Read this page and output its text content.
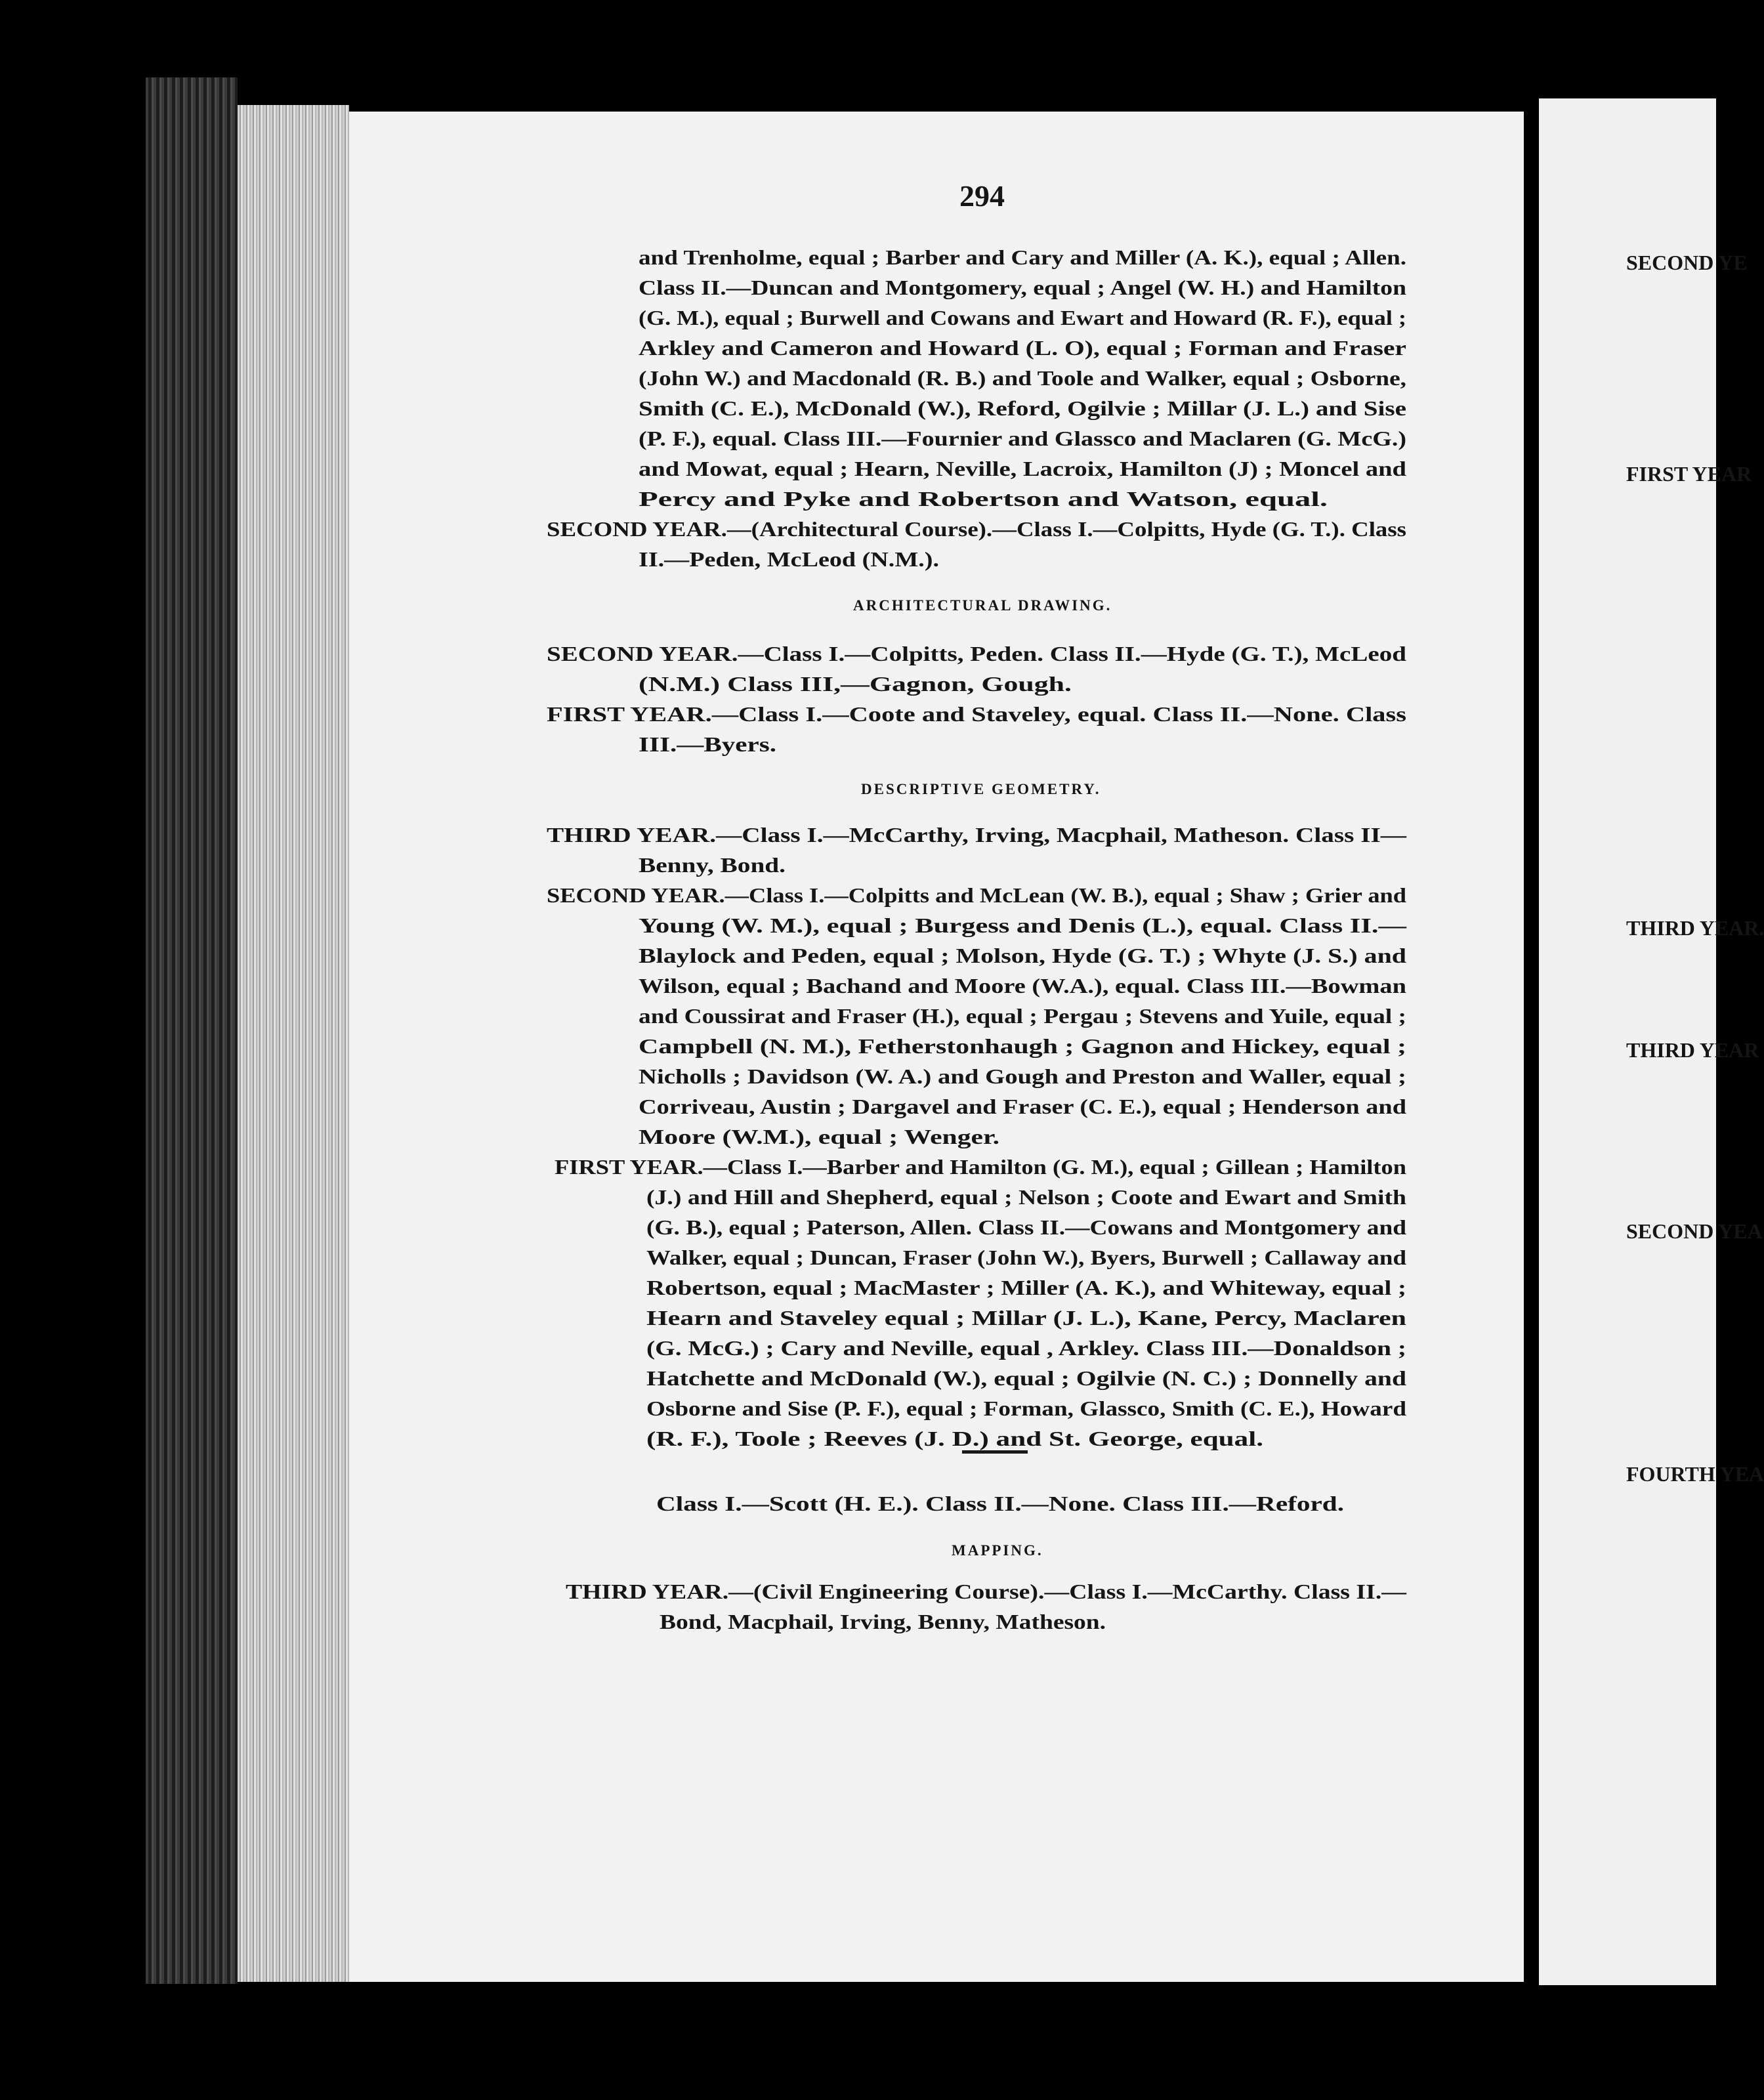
294
and Trenholme, equal ; Barber and Cary and Miller (A. K.), equal ; Allen.
Class II.—Duncan and Montgomery, equal ; Angel (W. H.) and Hamilton
(G. M.), equal ; Burwell and Cowans and Ewart and Howard (R. F.), equal ;
Arkley and Cameron and Howard (L. O), equal ; Forman and Fraser
(John W.) and Macdonald (R. B.) and Toole and Walker, equal ; Osborne,
Smith (C. E.), McDonald (W.), Reford, Ogilvie ; Millar (J. L.) and Sise
(P. F.), equal. Class III.—Fournier and Glassco and Maclaren (G. McG.)
and Mowat, equal ; Hearn, Neville, Lacroix, Hamilton (J) ; Moncel and
Percy and Pyke and Robertson and Watson, equal.
SECOND YEAR.—(Architectural Course).—Class I.—Colpitts, Hyde (G. T.). Class
II.—Peden, McLeod (N.M.).
SECOND YEAR.—Class I.—Colpitts, Peden. Class II.—Hyde (G. T.), McLeod
(N.M.) Class III,—Gagnon, Gough.
FIRST YEAR.—Class I.—Coote and Staveley, equal. Class II.—None. Class
III.—Byers.
THIRD YEAR.—Class I.—McCarthy, Irving, Macphail, Matheson. Class II—
Benny, Bond.
SECOND YEAR.—Class I.—Colpitts and McLean (W. B.), equal ; Shaw ; Grier and
Young (W. M.), equal ; Burgess and Denis (L.), equal. Class II.—
Blaylock and Peden, equal ; Molson, Hyde (G. T.) ; Whyte (J. S.) and
Wilson, equal ; Bachand and Moore (W.A.), equal. Class III.—Bowman
and Coussirat and Fraser (H.), equal ; Pergau ; Stevens and Yuile, equal ;
Campbell (N. M.), Fetherstonhaugh ; Gagnon and Hickey, equal ;
Nicholls ; Davidson (W. A.) and Gough and Preston and Waller, equal ;
Corriveau, Austin ; Dargavel and Fraser (C. E.), equal ; Henderson and
Moore (W.M.), equal ; Wenger.
FIRST YEAR.—Class I.—Barber and Hamilton (G. M.), equal ; Gillean ; Hamilton
(J.) and Hill and Shepherd, equal ; Nelson ; Coote and Ewart and Smith
(G. B.), equal ; Paterson, Allen. Class II.—Cowans and Montgomery and
Walker, equal ; Duncan, Fraser (John W.), Byers, Burwell ; Callaway and
Robertson, equal ; MacMaster ; Miller (A. K.), and Whiteway, equal ;
Hearn and Staveley equal ; Millar (J. L.), Kane, Percy, Maclaren
(G. McG.) ; Cary and Neville, equal , Arkley. Class III.—Donaldson ;
Hatchette and McDonald (W.), equal ; Ogilvie (N. C.) ; Donnelly and
Osborne and Sise (P. F.), equal ; Forman, Glassco, Smith (C. E.), Howard
(R. F.), Toole ; Reeves (J. D.) and St. George, equal.
Class I.—Scott (H. E.). Class II.—None. Class III.—Reford.
THIRD YEAR.—(Civil Engineering Course).—Class I.—McCarthy. Class II.—
Bond, Macphail, Irving, Benny, Matheson.
ARCHITECTURAL DRAWING.
DESCRIPTIVE GEOMETRY.
MAPPING.
SECOND YE
FIRST YEAR
THIRD YEAR.
THIRD YEAR
SECOND YEA
FOURTH YEA
